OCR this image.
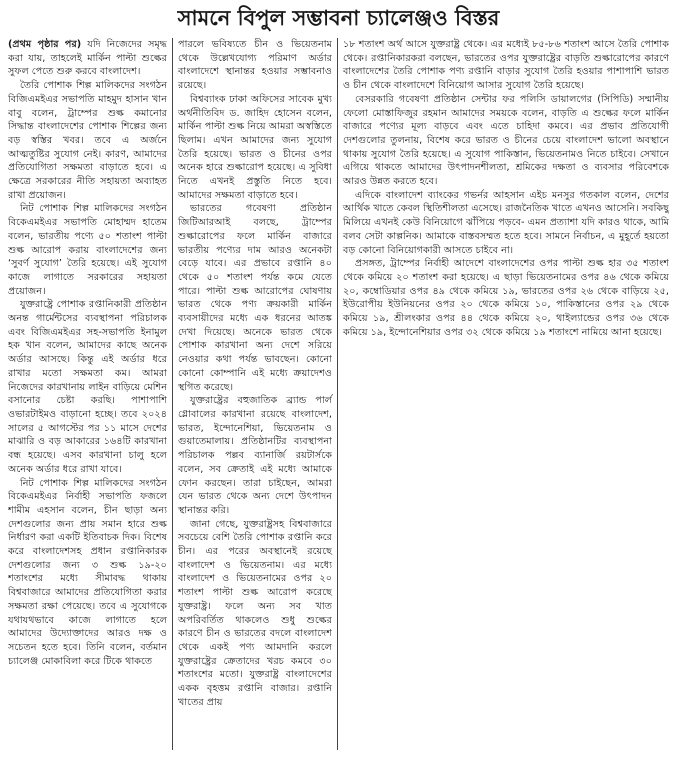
সামনে বিপুল সম্ভাবনা চ্যালেঞ্জও বিস্তর

(প্রথম পৃষ্ঠার পর) যদি নিজেদের সমৃদ্ধ করা যায়, তাহলেই মার্কিন পাল্টা শুল্কের সুফল পেতে শুরু করবে বাংলাদেশ।

তৈরি পোশাক শিল্প মালিকদের সংগঠন বিজিএমইএর সভাপতি মাহমুদ হাসান খান বাবু বলেন, ট্রাম্পের শুল্ক কমানোর সিদ্ধান্ত বাংলাদেশের পোশাক শিল্পের জন্য বড় স্বস্তির খবর। তবে এ অর্জনে আত্মতুষ্টির সুযোগ নেই। কারণ, আমাদের প্রতিযোগিতা সক্ষমতা বাড়াতে হবে। এ ক্ষেত্রে সরকারের নীতি সহায়তা অব্যাহত রাখা প্রয়োজন।

নিট পোশাক শিল্প মালিকদের সংগঠন বিকেএমইএর সভাপতি মোহাম্মদ হাতেম বলেন, ভারতীয় পণ্যে ৫০ শতাংশ পাল্টা শুল্ক আরোপ করায় বাংলাদেশের জন্য ‘সুবর্ণ সুযোগ’ তৈরি হয়েছে। এই সুযোগ কাজে লাগাতে সরকারের সহায়তা প্রয়োজন।

যুক্তরাষ্ট্রে পোশাক রপ্তানিকারী প্রতিষ্ঠান অনন্ত গার্মেন্টসের ব্যবস্থাপনা পরিচালক এবং বিজিএমইএর সহ-সভাপতি ইনামুল হক খান বলেন, আমাদের কাছে অনেক অর্ডার আসছে। কিন্তু এই অর্ডার ধরে রাখার মতো সক্ষমতা কম। আমরা নিজেদের কারখানায় লাইন বাড়িয়ে মেশিন বসানোর চেষ্টা করছি। পাশাপাশি ওভারটাইমও বাড়ানো হচ্ছে। তবে ২০২৪ সালের ৫ আগস্টের পর ১১ মাসে দেশের মাঝারি ও বড় আকারের ১৬৪টি কারখানা বন্ধ হয়েছে। এসব কারখানা চালু হলে অনেক অর্ডার ধরে রাখা যাবে।

নিট পোশাক শিল্প মালিকদের সংগঠন বিকেএমইএর নির্বাহী সভাপতি ফজলে শামীম এহসান বলেন, চীন ছাড়া অন্য দেশগুলোর জন্য প্রায় সমান হারে শুল্ক নির্ধারণ করা একটি ইতিবাচক দিক। বিশেষ করে বাংলাদেশসহ প্রধান রপ্তানিকারক দেশগুলোর জন্য ৩ শুল্ক ১৯-২০ শতাংশের মধ্যে সীমাবদ্ধ থাকায় বিশ্ববাজারে আমাদের প্রতিযোগিতা করার সক্ষমতা রক্ষা পেয়েছে। তবে এ সুযোগকে যথাযথভাবে কাজে লাগাতে হলে আমাদের উদ্যোক্তাদের আরও দক্ষ ও সচেতন হতে হবে। তিনি বলেন, বর্তমান চ্যালেঞ্জ মোকাবিলা করে টিকে থাকতে

পারলে ভবিষ্যতে চীন ও ভিয়েতনাম থেকে উল্লেখযোগ্য পরিমাণ অর্ডার বাংলাদেশে স্থানান্তর হওয়ার সম্ভাবনাও রয়েছে।

বিশ্বব্যাংক ঢাকা অফিসের সাবেক মুখ্য অর্থনীতিবিদ ড. জাহিদ হোসেন বলেন, মার্কিন পাল্টা শুল্ক নিয়ে আমরা অস্বস্তিতে ছিলাম। এখন আমাদের জন্য সুযোগ তৈরি হয়েছে। ভারত ও চীনের ওপর অনেক হারে শুল্কারোপ হয়েছে। এ সুবিধা নিতে এখনই প্রস্তুতি নিতে হবে। আমাদের সক্ষমতা বাড়াতে হবে।

ভারতের গবেষণা প্রতিষ্ঠান জিটিআরআই বলছে, ট্রাম্পের শুল্কারোপের ফলে মার্কিন বাজারে ভারতীয় পণ্যের দাম আরও অনেকটা বেড়ে যাবে। এর প্রভাবে রপ্তানি ৪০ থেকে ৫০ শতাংশ পর্যন্ত কমে যেতে পারে। পাল্টা শুল্ক আরোপের ঘোষণায় ভারত থেকে পণ্য ক্রয়কারী মার্কিন ব্যবসায়ীদের মধ্যে এক ধরনের আতঙ্ক দেখা দিয়েছে। অনেকে ভারত থেকে পোশাক কারখানা অন্য দেশে সরিয়ে নেওয়ার কথা পর্যন্ত ভাবছেন। কোনো কোনো কোম্পানি এই মধ্যে ক্রয়াদেশও স্থগিত করেছে।

যুক্তরাষ্ট্রের বহুজাতিক ব্র্যান্ড পার্ল গ্লোবালের কারখানা রয়েছে বাংলাদেশ, ভারত, ইন্দোনেশিয়া, ভিয়েতনাম ও গুয়াতেমালায়। প্রতিষ্ঠানটির ব্যবস্থাপনা পরিচালক পল্লব ব্যানার্জি রয়টার্সকে বলেন, সব ক্রেতাই এই মধ্যে আমাকে ফোন করছেন। তারা চাইছেন, আমরা যেন ভারত থেকে অন্য দেশে উৎপাদন স্থানান্তর করি।

জানা গেছে, যুক্তরাষ্ট্রসহ বিশ্ববাজারে সবচেয়ে বেশি তৈরি পোশাক রপ্তানি করে চীন। এর পরের অবস্থানেই রয়েছে বাংলাদেশ ও ভিয়েতনাম। এর মধ্যে বাংলাদেশ ও ভিয়েতনামের ওপর ২০ শতাংশ পাল্টা শুল্ক আরোপ করেছে যুক্তরাষ্ট্র। ফলে অন্য সব খাত অপরিবর্তিত থাকলেও শুধু শুল্কের কারণে চীন ও ভারতের বদলে বাংলাদেশ থেকে একই পণ্য আমদানি করলে যুক্তরাষ্ট্রের ক্রেতাদের খরচ কমবে ৩০ শতাংশের মতো। যুক্তরাষ্ট্র বাংলাদেশের একক বৃহত্তম রপ্তানি বাজার। রপ্তানি খাতের প্রায়

১৮ শতাংশ অর্থ আসে যুক্তরাষ্ট্র থেকে। এর মধ্যেই ৮৫-৮৬ শতাংশ আসে তৈরি পোশাক থেকে। রপ্তানিকারকরা বলছেন, ভারতের ওপর যুক্তরাষ্ট্রের বাড়তি শুল্কারোপের কারণে বাংলাদেশের তৈরি পোশাক পণ্য রপ্তানি বাড়ার সুযোগ তৈরি হওয়ার পাশাপাশি ভারত ও চীন থেকে বাংলাদেশে বিনিয়োগ আসার সুযোগ তৈরি হয়েছে।

বেসরকারি গবেষণা প্রতিষ্ঠান সেন্টার ফর পলিসি ডায়ালগের (সিপিডি) সম্মানীয় ফেলো মোস্তাফিজুর রহমান আমাদের সময়কে বলেন, বাড়তি এ শুল্কের ফলে মার্কিন বাজারে পণ্যের মূল্য বাড়বে এবং এতে চাহিদা কমবে। এর প্রভাব প্রতিযোগী দেশগুলোর তুলনায়, বিশেষ করে ভারত ও চীনের চেয়ে বাংলাদেশ ভালো অবস্থানে থাকায় সুযোগ তৈরি হয়েছে। এ সুযোগ পাকিস্তান, ভিয়েতনামও নিতে চাইবে। সেখানে এগিয়ে থাকতে আমাদের উৎপাদনশীলতা, শ্রমিকের দক্ষতা ও ব্যবসার পরিবেশকে আরও উন্নত করতে হবে।

এদিকে বাংলাদেশ ব্যাংকের গভর্নর আহসান এইচ মনসুর গতকাল বলেন, দেশের আর্থিক খাতে কেবল স্থিতিশীলতা এসেছে। রাজনৈতিক খাতে এখনও আসেনি। সবকিছু মিলিয়ে এখনই কেউ বিনিয়োগে ঝাঁপিয়ে পড়বে- এমন প্রত্যাশা যদি কারও থাকে, আমি বলব সেটা কাল্পনিক। আমাকে বাস্তবসম্মত হতে হবে। সামনে নির্বাচন, এ মুহূর্তে হয়তো বড় কোনো বিনিয়োগকারী আসতে চাইবে না।

প্রসঙ্গত, ট্রাম্পের নির্বাহী আদেশে বাংলাদেশের ওপর পাল্টা শুল্ক হার ৩৫ শতাংশ থেকে কমিয়ে ২০ শতাংশ করা হয়েছে। এ ছাড়া ভিয়েতনামের ওপর ৪৬ থেকে কমিয়ে ২০, কম্বোডিয়ার ওপর ৪৯ থেকে কমিয়ে ১৯, ভারতের ওপর ২৬ থেকে বাড়িয়ে ২৫, ইউরোপীয় ইউনিয়নের ওপর ২০ থেকে কমিয়ে ১০, পাকিস্তানের ওপর ২৯ থেকে কমিয়ে ১৯, শ্রীলংকার ওপর ৪৪ থেকে কমিয়ে ২০, থাইল্যান্ডের ওপর ৩৬ থেকে কমিয়ে ১৯, ইন্দোনেশিয়ার ওপর ৩২ থেকে কমিয়ে ১৯ শতাংশে নামিয়ে আনা হয়েছে।
